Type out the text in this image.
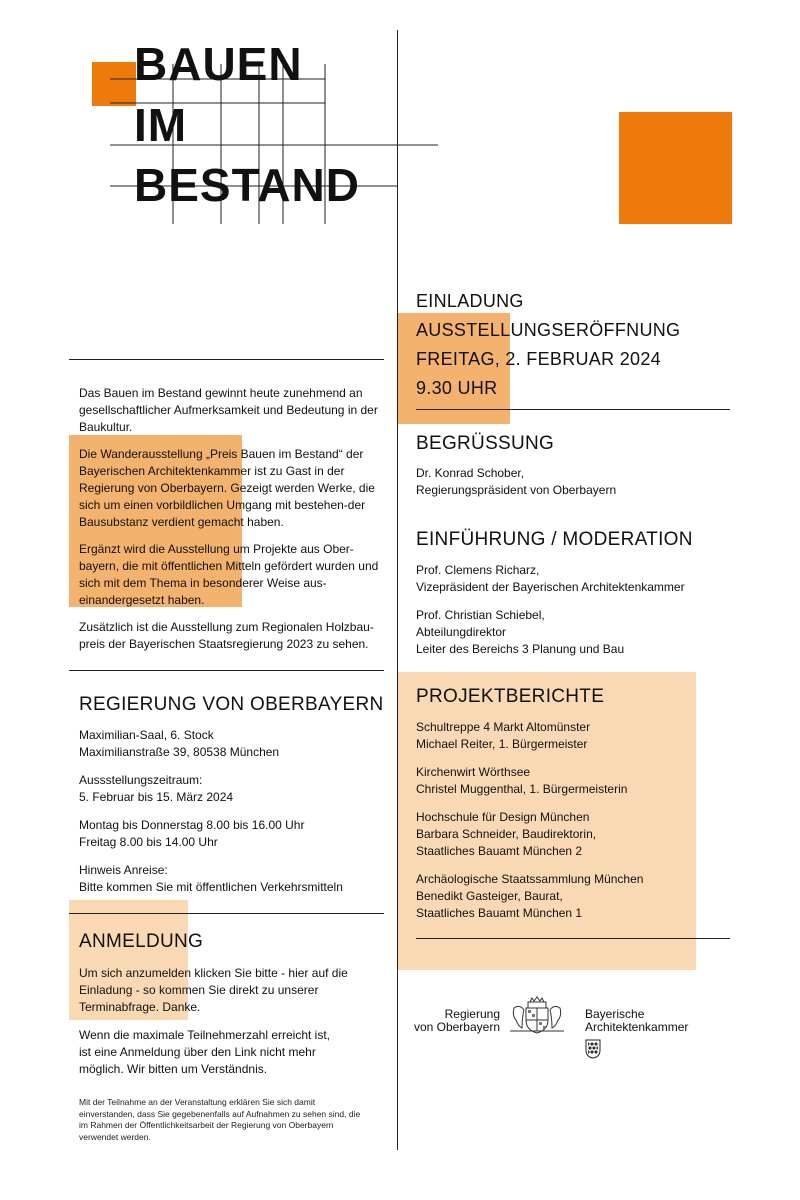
BAUEN
IM
BESTAND

Das Bauen im Bestand gewinnt heute zunehmend an gesellschaftlicher Aufmerksamkeit und Bedeutung in der Baukultur.

Die Wanderausstellung „Preis Bauen im Bestand“ der Bayerischen Architektenkammer ist zu Gast in der Regierung von Oberbayern. Gezeigt werden Werke, die sich um einen vorbildlichen Umgang mit bestehen-der Bausubstanz verdient gemacht haben.

Ergänzt wird die Ausstellung um Projekte aus Ober-bayern, die mit öffentlichen Mitteln gefördert wurden und sich mit dem Thema in besonderer Weise aus-einandergesetzt haben.

Zusätzlich ist die Ausstellung zum Regionalen Holzbau-preis der Bayerischen Staatsregierung 2023 zu sehen.

REGIERUNG VON OBERBAYERN

Maximilian-Saal, 6. Stock

Maximilianstraße 39, 80538 München

Aussstellungszeitraum:

5. Februar bis 15. März 2024

Montag bis Donnerstag 8.00 bis 16.00 Uhr

Freitag 8.00 bis 14.00 Uhr

Hinweis Anreise:

Bitte kommen Sie mit öffentlichen Verkehrsmitteln

ANMELDUNG

Um sich anzumelden klicken Sie bitte - hier auf die Einladung - so kommen Sie direkt zu unserer Terminabfrage. Danke.

Wenn die maximale Teilnehmerzahl erreicht ist, ist eine Anmeldung über den Link nicht mehr möglich. Wir bitten um Verständnis.

Mit der Teilnahme an der Veranstaltung erklären Sie sich damit einverstanden, dass Sie gegebenenfalls auf Aufnahmen zu sehen sind, die im Rahmen der Öffentlichkeitsarbeit der Regierung von Oberbayern verwendet werden.
EINLADUNG
AUSSTELLUNGSERÖFFNUNG
FREITAG, 2. FEBRUAR 2024
9.30 UHR
BEGRÜSSUNG

Dr. Konrad Schober,

Regierungspräsident von Oberbayern

EINFÜHRUNG / MODERATION

Prof. Clemens Richarz,

Vizepräsident der Bayerischen Architektenkammer

Prof. Christian Schiebel,

Abteilungdirektor

Leiter des Bereichs 3 Planung und Bau

PROJEKTBERICHTE

Schultreppe 4 Markt Altomünster

Michael Reiter, 1. Bürgermeister

Kirchenwirt Wörthsee

Christel Muggenthal, 1. Bürgermeisterin

Hochschule für Design München

Barbara Schneider, Baudirektorin,

Staatliches Bauamt München 2

Archäologische Staatssammlung München

Benedikt Gasteiger, Baurat,

Staatliches Bauamt München 1

Regierung
von Oberbayern
Bayerische
Architektenkammer
